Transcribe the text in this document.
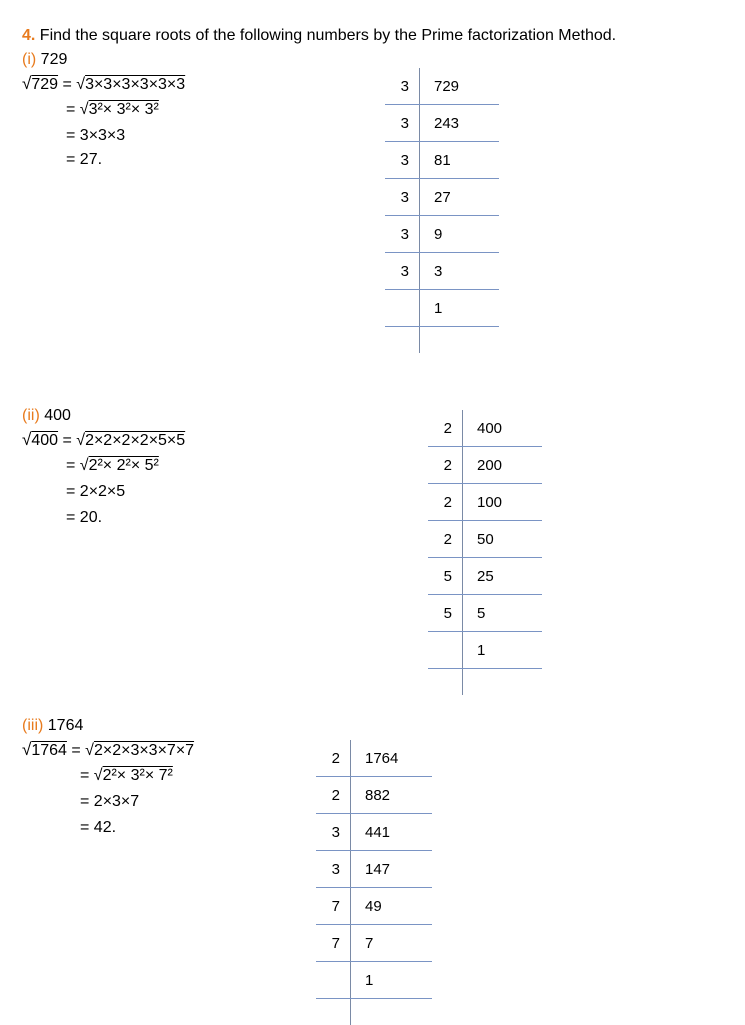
4. Find the square roots of the following numbers by the Prime factorization Method.
(i) 729
√729 = √3×3×3×3×3×3
= √3²× 3²× 3²
= 3×3×3
= 27.
3	729
3	243
3	81
3	27
3	9
3	3
	1

(ii) 400
√400 = √2×2×2×2×5×5
= √2²× 2²× 5²
= 2×2×5
= 20.
2	400
2	200
2	100
2	50
5	25
5	5
	1

(iii) 1764
√1764 = √2×2×3×3×7×7
= √2²× 3²× 7²
= 2×3×7
= 42.
2	1764
2	882
3	441
3	147
7	49
7	7
	1
